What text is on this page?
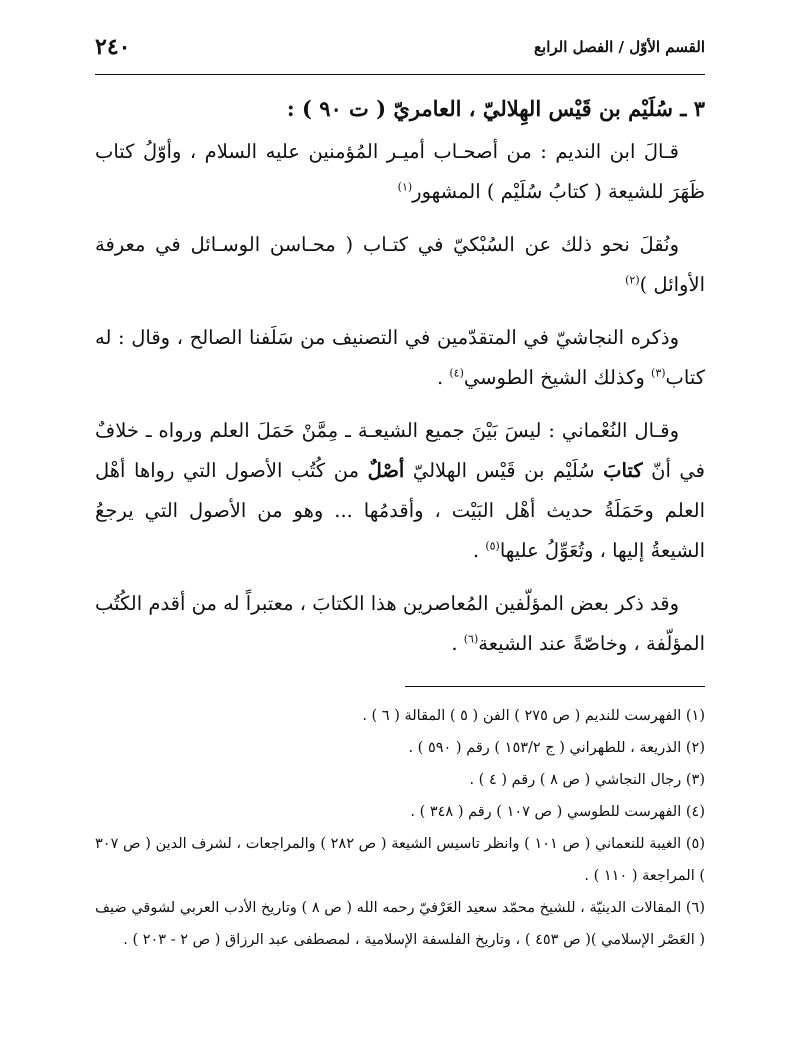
٢٤٠	القسم الأوّل / الفصل الرابع
٣ ـ سُلَيْم بن قَيْس الهِلاليّ ، العامريّ ( ت ٩٠ ) :

قـالَ ابن النديم : من أصحـاب أميـر المُؤمنين عليه السلام ، وأوّلُ كتاب ظَهَرَ للشيعة ( كتابُ سُلَيْم ) المشهور$^{(١)}$

ونُقلَ نحو ذلك عن السُبْكيّ في كتـاب ( محـاسن الوسـائل في معرفة الأوائل )$^{(٢)}$

وذكره النجاشيّ في المتقدّمين في التصنيف من سَلَفنا الصالح ، وقال : له كتاب$^{(٣)}$ وكذلك الشيخ الطوسي$^{(٤)}$ .

وقـال النُعْماني : ليسَ بَيْنَ جميع الشيعـة ـ مِمَّنْ حَمَلَ العلم ورواه ـ خلافٌ في أنّ كتابَ سُلَيْم بن قَيْس الهلاليّ أصْلٌ من كُتُب الأصول التي رواها أهْل العلم وحَمَلَةُ حديث أهْل البَيْت ، وأقدمُها ... وهو من الأصول التي يرجعُ الشيعةُ إليها ، وتُعَوِّلُ عليها$^{(٥)}$ .

وقد ذكر بعض المؤلّفين المُعاصرين هذا الكتابَ ، معتبراً له من أقدم الكُتُب المؤلّفة ، وخاصّةً عند الشيعة$^{(٦)}$ .

(١) الفهرست للنديم ( ص ٢٧٥ ) الفن ( ٥ ) المقالة ( ٦ ) .

(٢) الذريعة ، للطهراني ( ج ١٥٣/٢ ) رقم ( ٥٩٠ ) .

(٣) رجال النجاشي ( ص ٨ ) رقم ( ٤ ) .

(٤) الفهرست للطوسي ( ص ١٠٧ ) رقم ( ٣٤٨ ) .

(٥) الغيبة للنعماني ( ص ١٠١ ) وانظر تاسيس الشيعة ( ص ٢٨٢ ) والمراجعات ، لشرف الدين ( ص ٣٠٧ ) المراجعة ( ١١٠ ) .

(٦) المقالات الدينيّة ، للشيخ محمّد سعيد العَرْفيّ رحمه الله ( ص ٨ ) وتاريخ الأدب العربي لشوقي ضيف ( العَصْر الإسلامي )( ص ٤٥٣ ) ، وتاريخ الفلسفة الإسلامية ، لمصطفى عبد الرزاق ( ص ٢ - ٢٠٣ ) .
